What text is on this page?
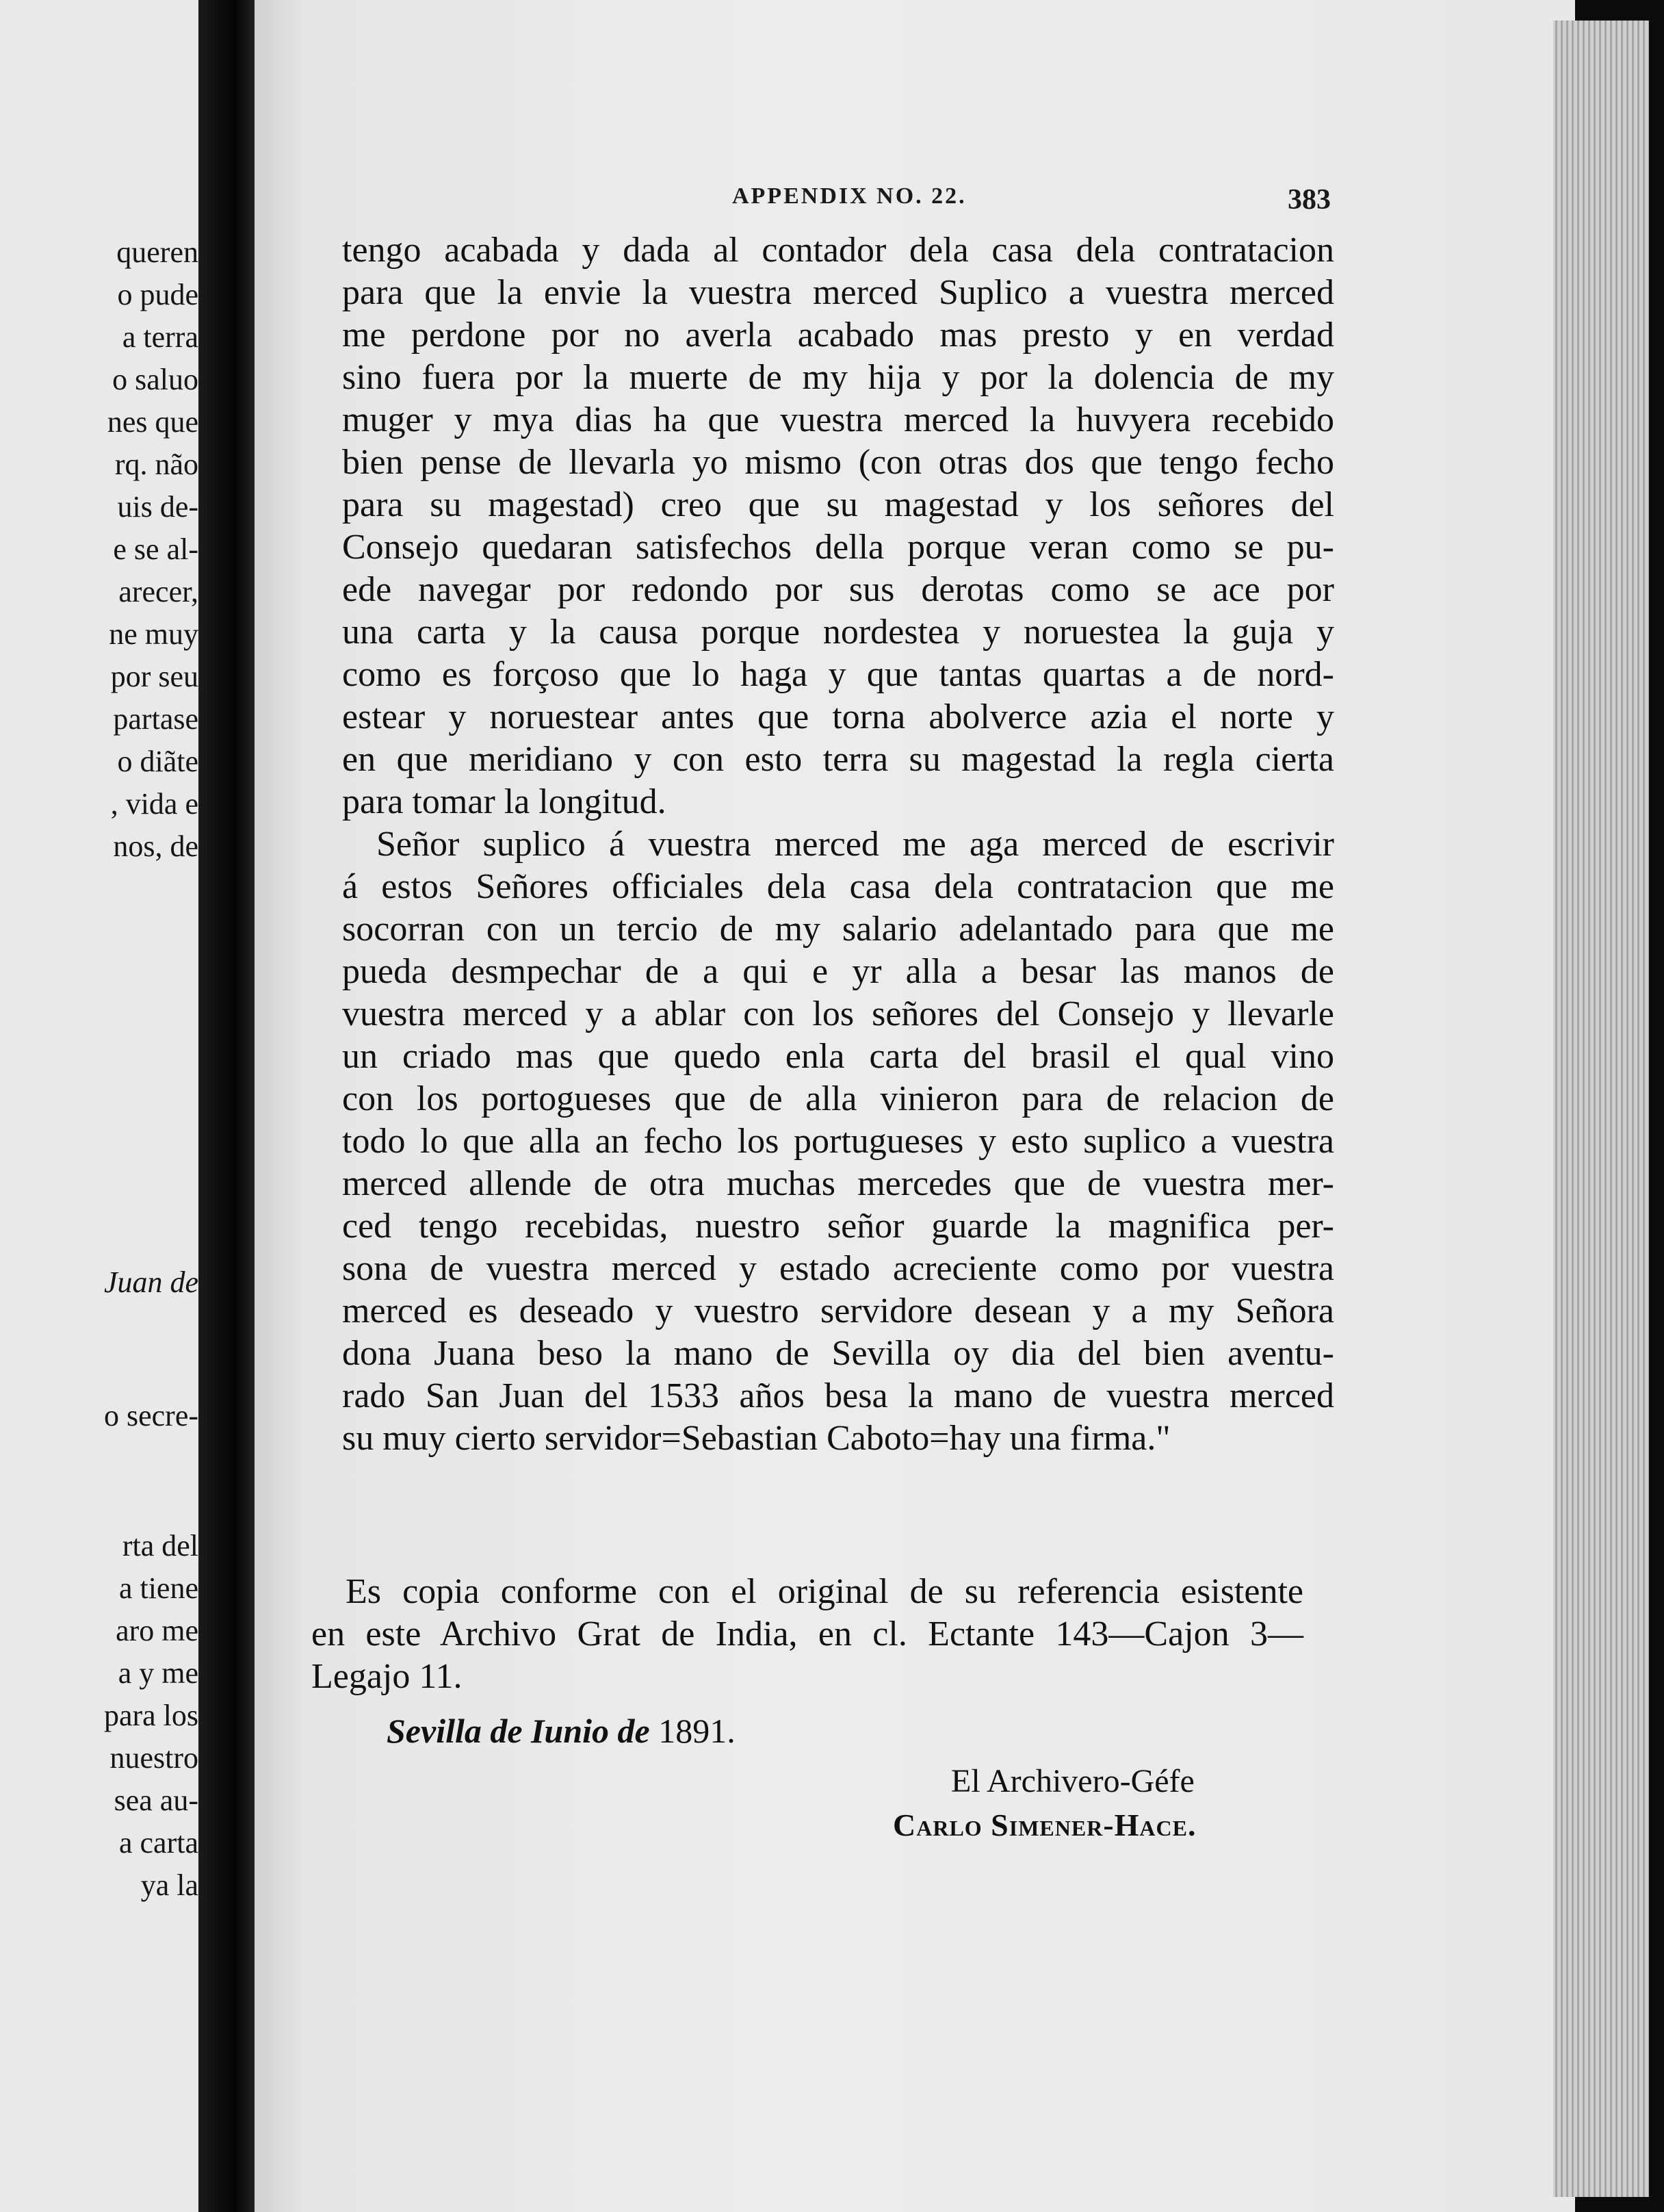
queren
o pude
a terra
o saluo
nes que
rq. não
uis de-
e se al-
arecer,
ne muy
por seu
partase
o diãte
, vida e
nos, de
Juan de
o secre-
rta del
a tiene
aro me
a y me
para los
nuestro
sea au-
a carta
ya la
APPENDIX NO. 22.	383
tengo acabada y dada al contador dela casa dela contratacion
para que la envie la vuestra merced Suplico a vuestra merced
me perdone por no averla acabado mas presto y en verdad
sino fuera por la muerte de my hija y por la dolencia de my
muger y mya dias ha que vuestra merced la huvyera recebido
bien pense de llevarla yo mismo (con otras dos que tengo fecho
para su magestad) creo que su magestad y los señores del
Consejo quedaran satisfechos della porque veran como se pu-
ede navegar por redondo por sus derotas como se ace por
una carta y la causa porque nordestea y noruestea la guja y
como es forçoso que lo haga y que tantas quartas a de nord-
estear y noruestear antes que torna abolverce azia el norte y
en que meridiano y con esto terra su magestad la regla cierta
para tomar la longitud.
Señor suplico á vuestra merced me aga merced de escrivir
á estos Señores officiales dela casa dela contratacion que me
socorran con un tercio de my salario adelantado para que me
pueda desmpechar de a qui e yr alla a besar las manos de
vuestra merced y a ablar con los señores del Consejo y llevarle
un criado mas que quedo enla carta del brasil el qual vino
con los portogueses que de alla vinieron para de relacion de
todo lo que alla an fecho los portugueses y esto suplico a vuestra
merced allende de otra muchas mercedes que de vuestra mer-
ced tengo recebidas, nuestro señor guarde la magnifica per-
sona de vuestra merced y estado acreciente como por vuestra
merced es deseado y vuestro servidore desean y a my Señora
dona Juana beso la mano de Sevilla oy dia del bien aventu-
rado San Juan del 1533 años besa la mano de vuestra merced
su muy cierto servidor=Sebastian Caboto=hay una firma."
Es copia conforme con el original de su referencia esistente
en este Archivo Grat de India, en cl. Ectante 143—Cajon 3—
Legajo 11.
Sevilla de Iunio de 1891.
El Archivero-Géfe
Carlo Simener-Hace.
